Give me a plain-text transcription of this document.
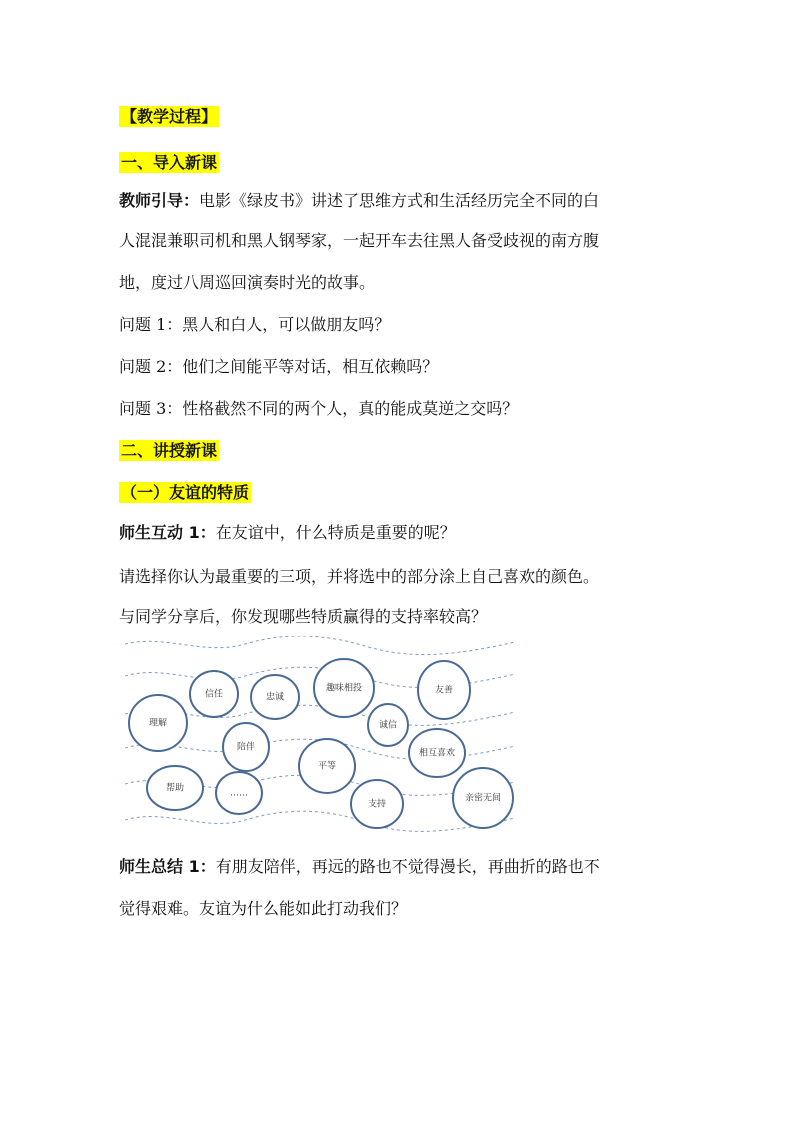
【教学过程】
一、导入新课
教师引导：电影《绿皮书》讲述了思维方式和生活经历完全不同的白
人混混兼职司机和黑人钢琴家，一起开车去往黑人备受歧视的南方腹
地，度过八周巡回演奏时光的故事。
问题 1：黑人和白人，可以做朋友吗？
问题 2：他们之间能平等对话，相互依赖吗？
问题 3：性格截然不同的两个人，真的能成莫逆之交吗？
二、讲授新课
（一）友谊的特质
师生互动 1：在友谊中，什么特质是重要的呢？
请选择你认为最重要的三项，并将选中的部分涂上自己喜欢的颜色。
与同学分享后，你发现哪些特质赢得的支持率较高？
理解
信任	忠诚
趣味相投	友善
诚信
陪伴
平等
相互喜欢
帮助	……
支持
亲密无间
师生总结 1：有朋友陪伴，再远的路也不觉得漫长，再曲折的路也不
觉得艰难。友谊为什么能如此打动我们？
